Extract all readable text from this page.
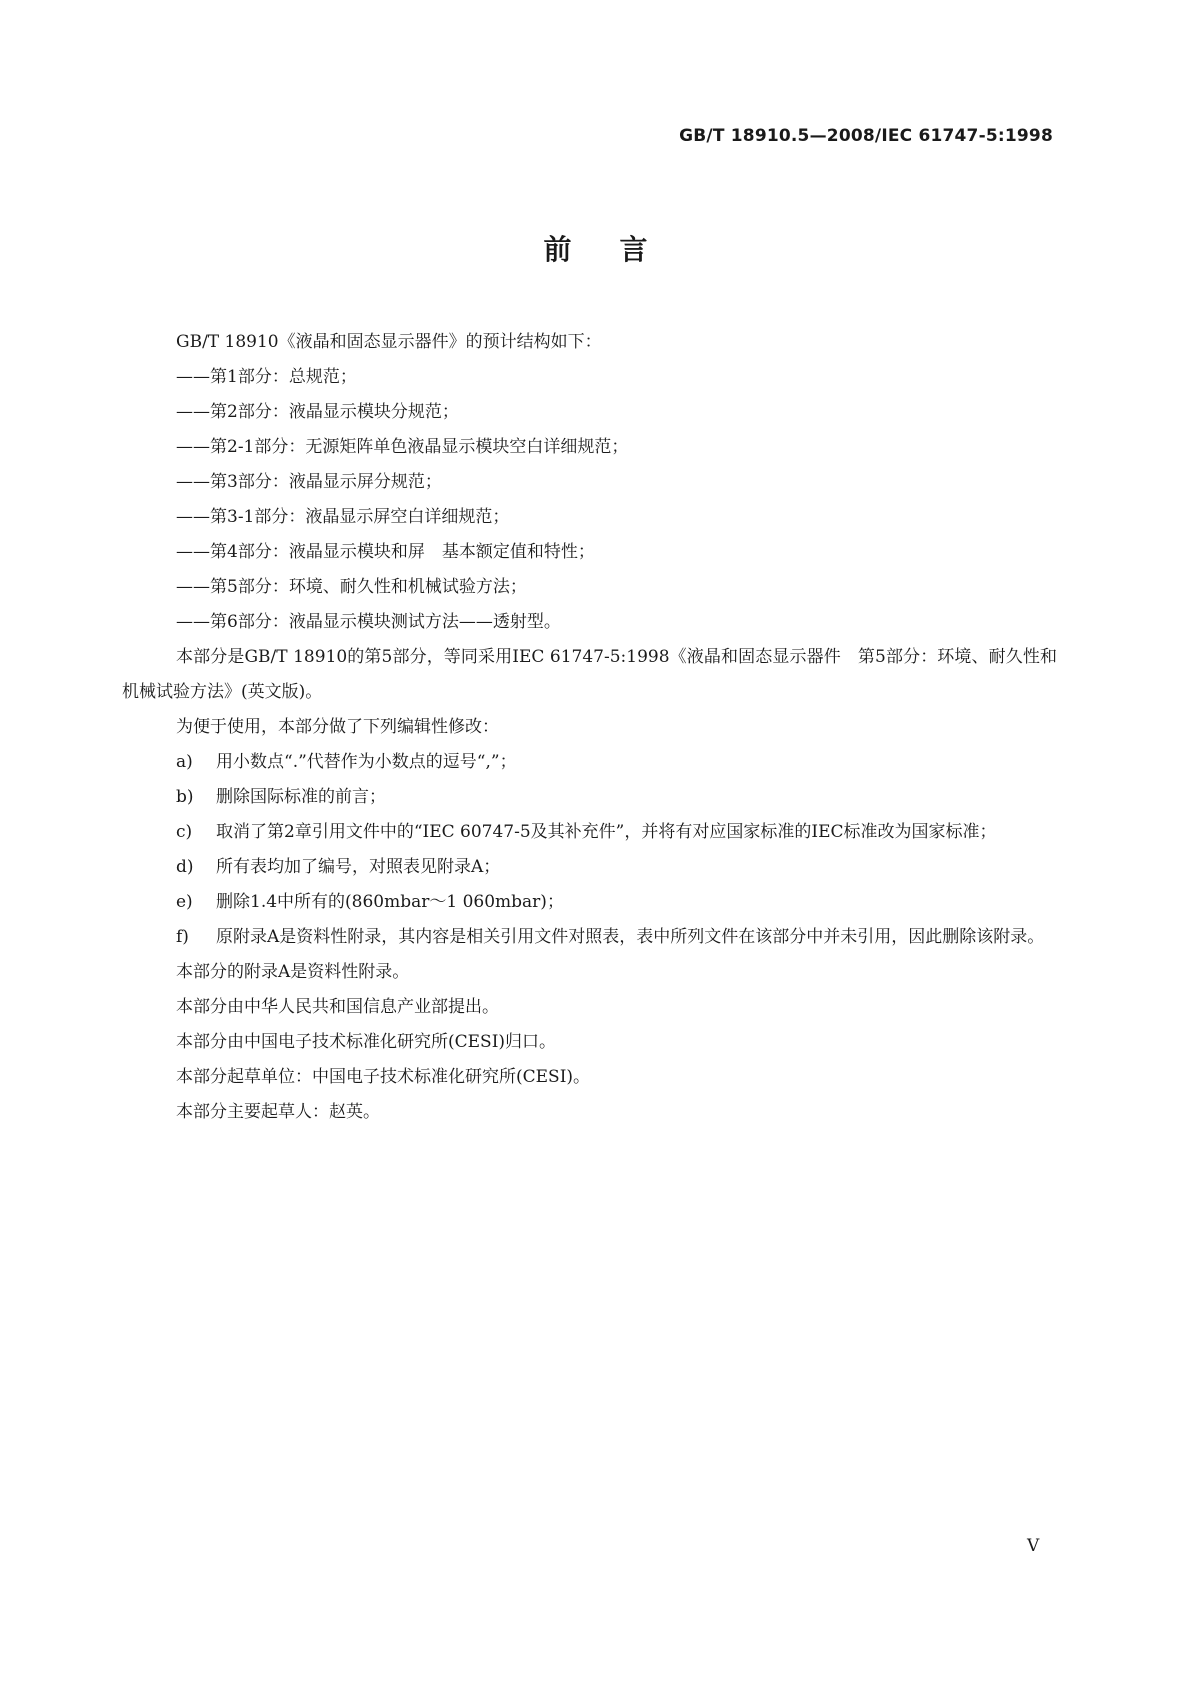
GB/T 18910.5—2008/IEC 61747-5:1998
前言

GB/T 18910《液晶和固态显示器件》的预计结构如下：

——第1部分：总规范；

——第2部分：液晶显示模块分规范；

——第2-1部分：无源矩阵单色液晶显示模块空白详细规范；

——第3部分：液晶显示屏分规范；

——第3-1部分：液晶显示屏空白详细规范；

——第4部分：液晶显示模块和屏　基本额定值和特性；

——第5部分：环境、耐久性和机械试验方法；

——第6部分：液晶显示模块测试方法——透射型。

本部分是GB/T 18910的第5部分，等同采用IEC 61747-5:1998《液晶和固态显示器件　第5部分：环境、耐久性和机械试验方法》(英文版)。

为便于使用，本部分做了下列编辑性修改：

a) 用小数点“.”代替作为小数点的逗号“,”；
b) 删除国际标准的前言；
c) 取消了第2章引用文件中的“IEC 60747-5及其补充件”，并将有对应国家标准的IEC标准改为国家标准；
d) 所有表均加了编号，对照表见附录A；
e) 删除1.4中所有的(860mbar～1 060mbar)；
f) 原附录A是资料性附录，其内容是相关引用文件对照表，表中所列文件在该部分中并未引用，因此删除该附录。

本部分的附录A是资料性附录。

本部分由中华人民共和国信息产业部提出。

本部分由中国电子技术标准化研究所(CESI)归口。

本部分起草单位：中国电子技术标准化研究所(CESI)。

本部分主要起草人：赵英。

V
